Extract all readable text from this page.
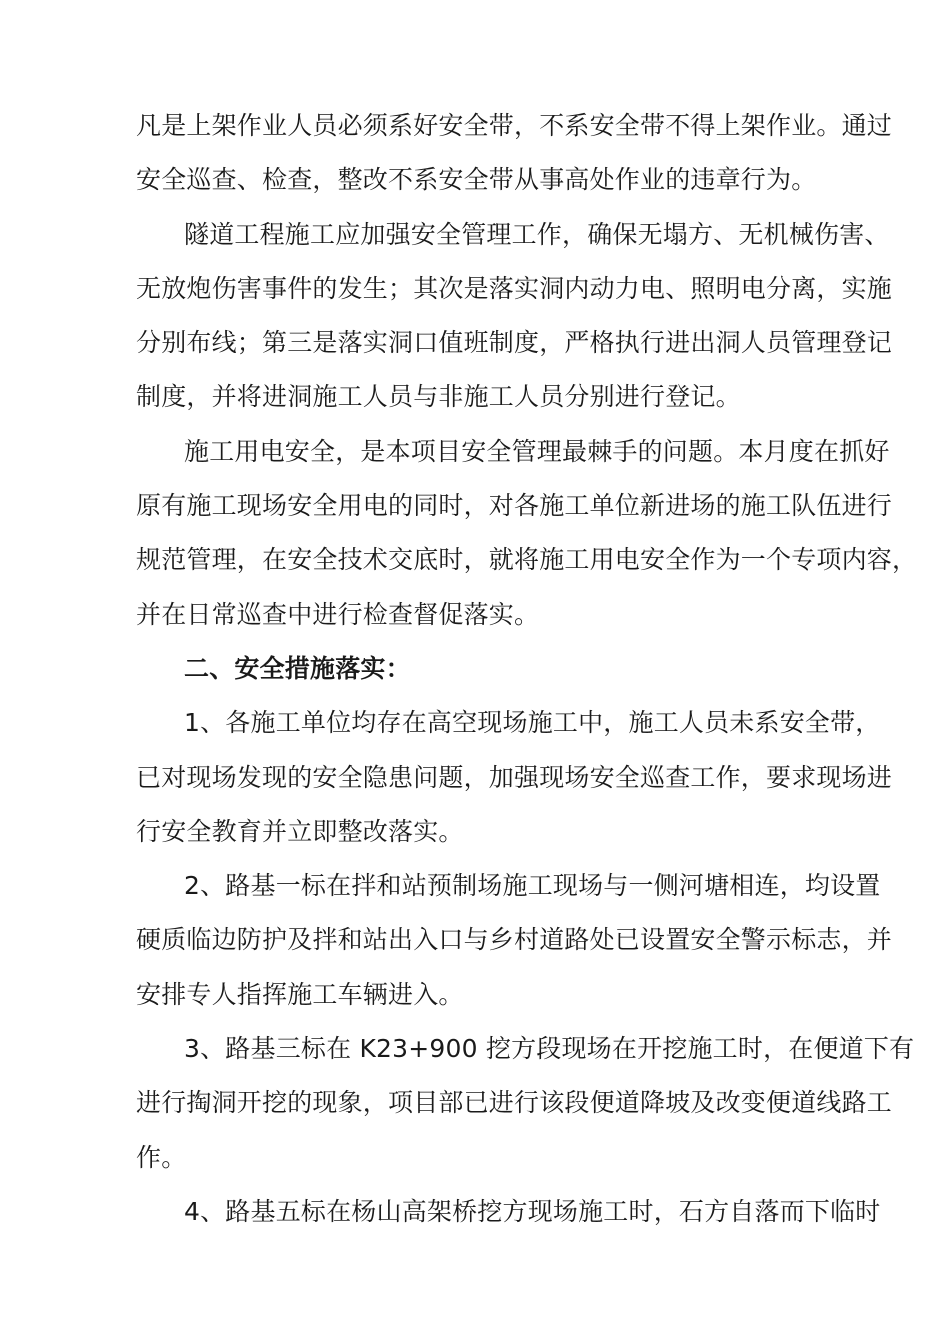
凡是上架作业人员必须系好安全带，不系安全带不得上架作业。通过
安全巡查、检查，整改不系安全带从事高处作业的违章行为。
隧道工程施工应加强安全管理工作，确保无塌方、无机械伤害、
无放炮伤害事件的发生；其次是落实洞内动力电、照明电分离，实施
分别布线；第三是落实洞口值班制度，严格执行进出洞人员管理登记
制度，并将进洞施工人员与非施工人员分别进行登记。
施工用电安全，是本项目安全管理最棘手的问题。本月度在抓好
原有施工现场安全用电的同时，对各施工单位新进场的施工队伍进行
规范管理，在安全技术交底时，就将施工用电安全作为一个专项内容，
并在日常巡查中进行检查督促落实。
二、安全措施落实：
1、各施工单位均存在高空现场施工中，施工人员未系安全带，
已对现场发现的安全隐患问题，加强现场安全巡查工作，要求现场进
行安全教育并立即整改落实。
2、路基一标在拌和站预制场施工现场与一侧河塘相连，均设置
硬质临边防护及拌和站出入口与乡村道路处已设置安全警示标志，并
安排专人指挥施工车辆进入。
3、路基三标在 K23+900 挖方段现场在开挖施工时，在便道下有
进行掏洞开挖的现象，项目部已进行该段便道降坡及改变便道线路工
作。
4、路基五标在杨山高架桥挖方现场施工时，石方自落而下临时
